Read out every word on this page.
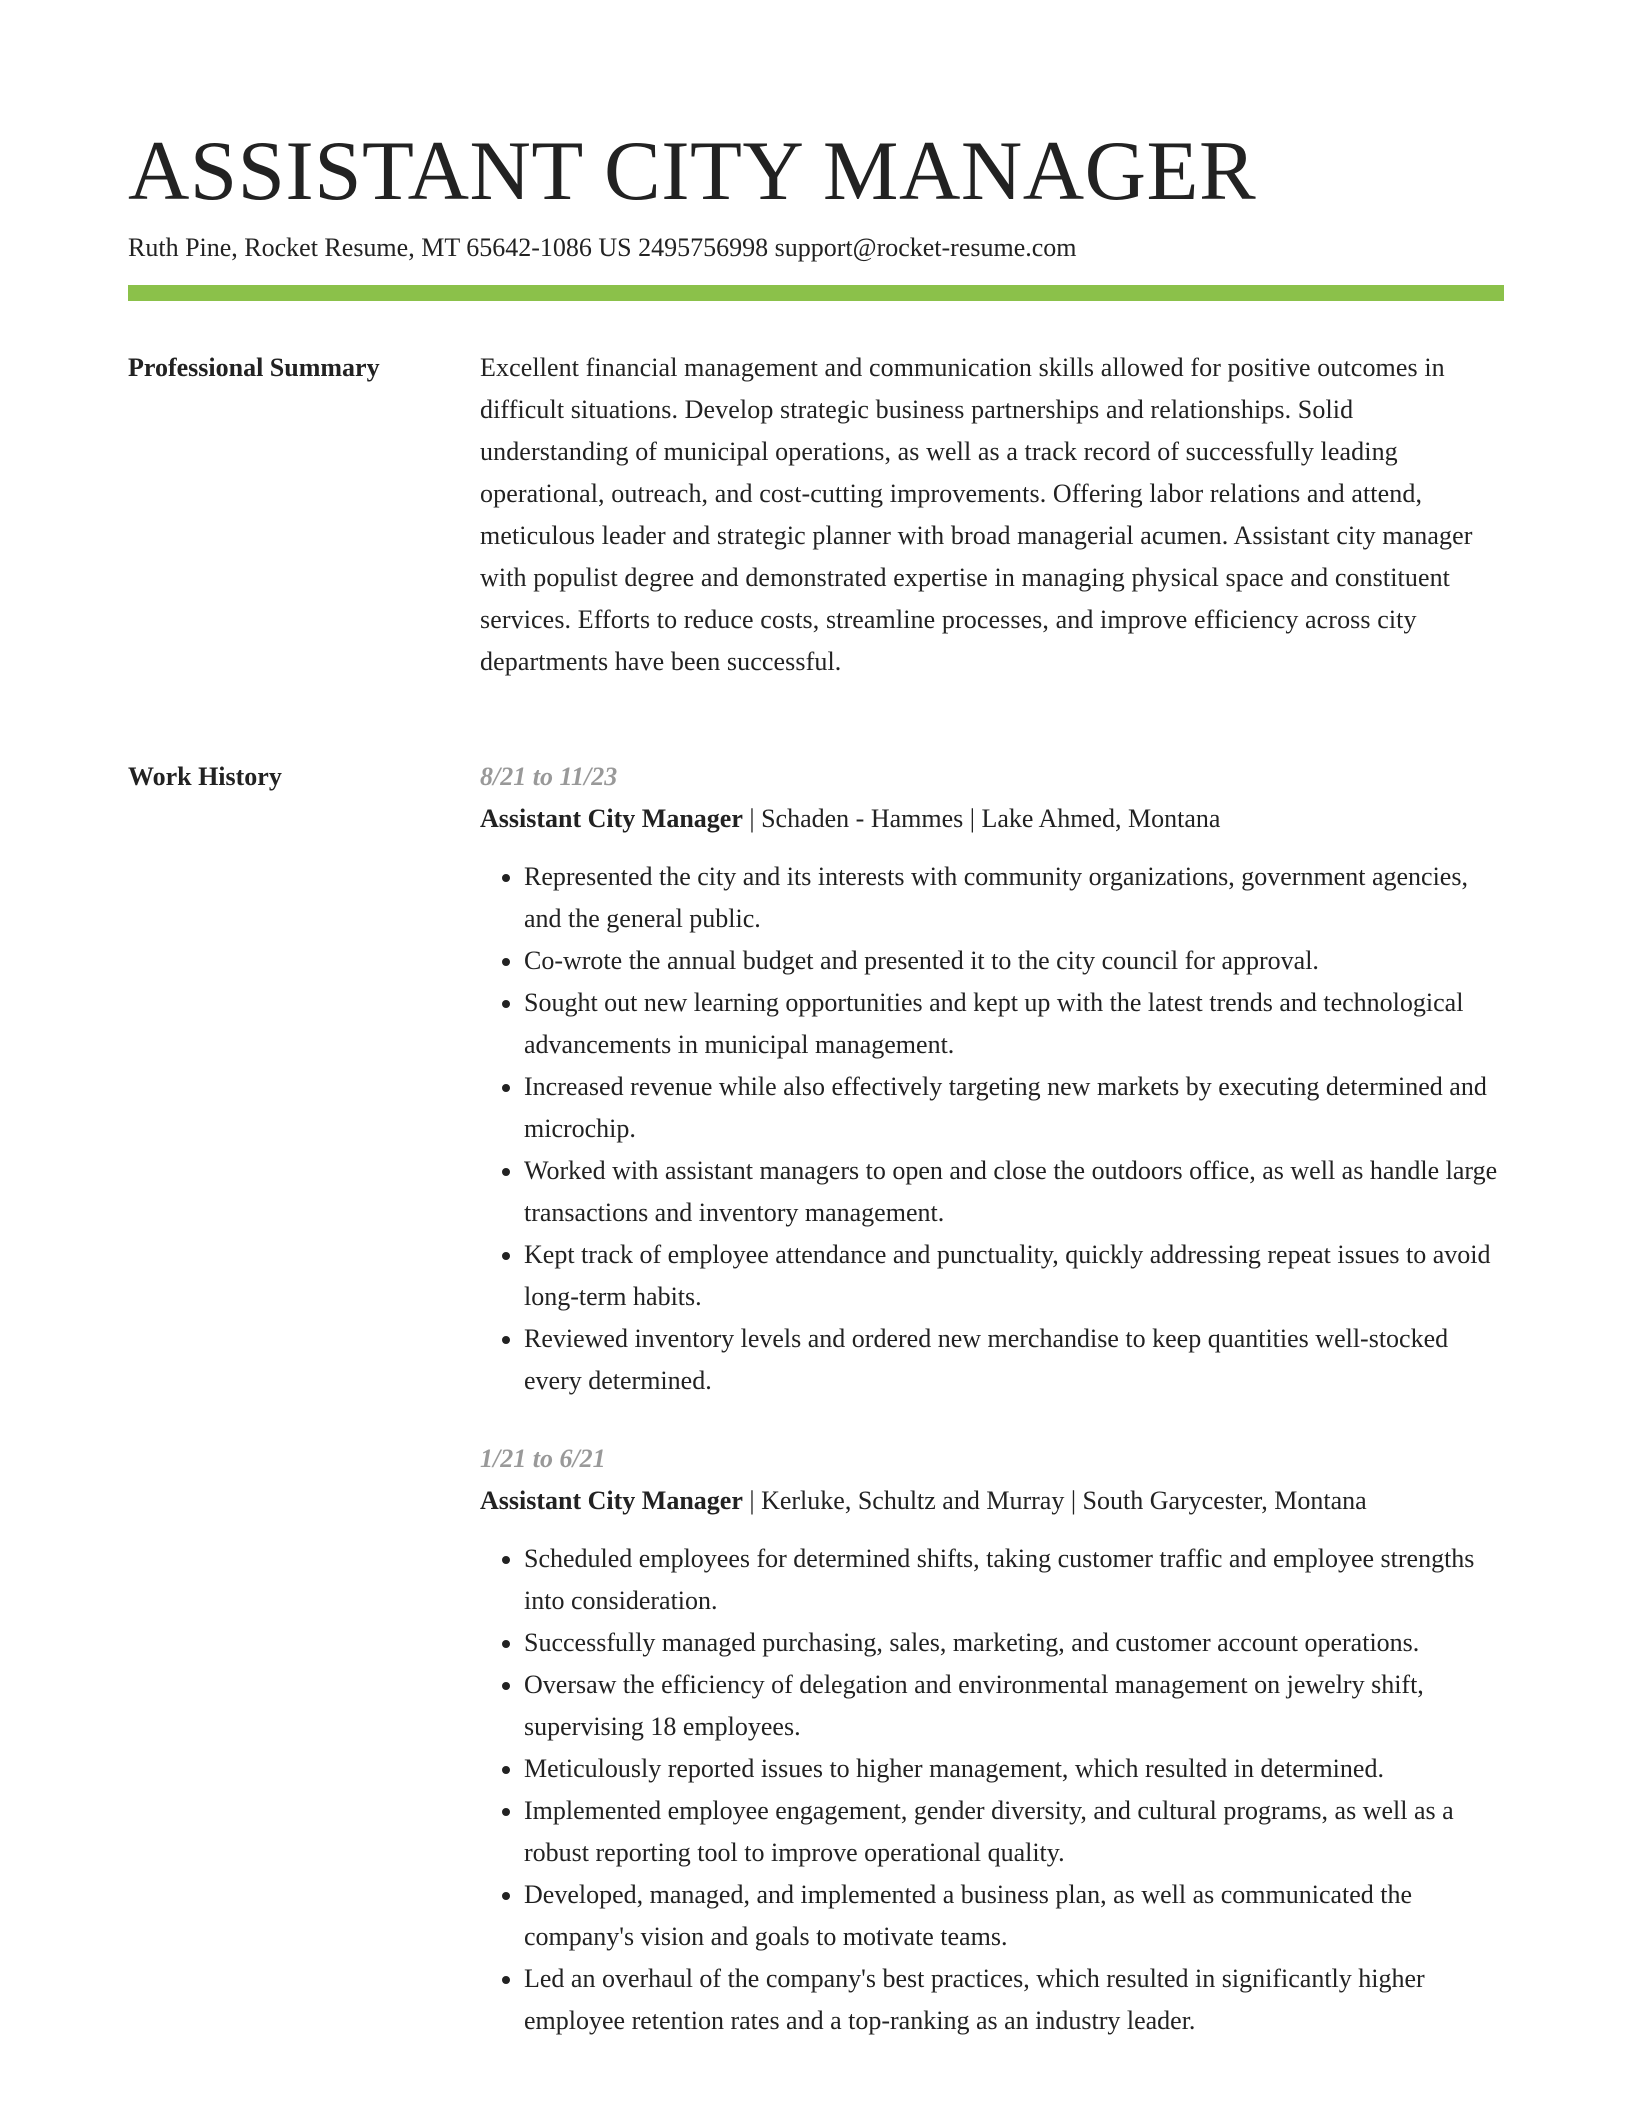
ASSISTANT CITY MANAGER
Ruth Pine, Rocket Resume, MT 65642-1086 US 2495756998 support@rocket-resume.com
Professional Summary	Excellent financial management and communication skills allowed for positive outcomes in difficult situations. Develop strategic business partnerships and relationships. Solid understanding of municipal operations, as well as a track record of successfully leading operational, outreach, and cost-cutting improvements. Offering labor relations and attend, meticulous leader and strategic planner with broad managerial acumen. Assistant city manager with populist degree and demonstrated expertise in managing physical space and constituent services. Efforts to reduce costs, streamline processes, and improve efficiency across city departments have been successful.

Work History	8/21 to 11/23
Assistant City Manager | Schaden - Hammes | Lake Ahmed, Montana
• Represented the city and its interests with community organizations, government agencies, and the general public.
• Co-wrote the annual budget and presented it to the city council for approval.
• Sought out new learning opportunities and kept up with the latest trends and technological advancements in municipal management.
• Increased revenue while also effectively targeting new markets by executing determined and microchip.
• Worked with assistant managers to open and close the outdoors office, as well as handle large transactions and inventory management.
• Kept track of employee attendance and punctuality, quickly addressing repeat issues to avoid long-term habits.
• Reviewed inventory levels and ordered new merchandise to keep quantities well-stocked every determined.
1/21 to 6/21
Assistant City Manager | Kerluke, Schultz and Murray | South Garycester, Montana
• Scheduled employees for determined shifts, taking customer traffic and employee strengths into consideration.
• Successfully managed purchasing, sales, marketing, and customer account operations.
• Oversaw the efficiency of delegation and environmental management on jewelry shift, supervising 18 employees.
• Meticulously reported issues to higher management, which resulted in determined.
• Implemented employee engagement, gender diversity, and cultural programs, as well as a robust reporting tool to improve operational quality.
• Developed, managed, and implemented a business plan, as well as communicated the company's vision and goals to motivate teams.
• Led an overhaul of the company's best practices, which resulted in significantly higher employee retention rates and a top-ranking as an industry leader.
